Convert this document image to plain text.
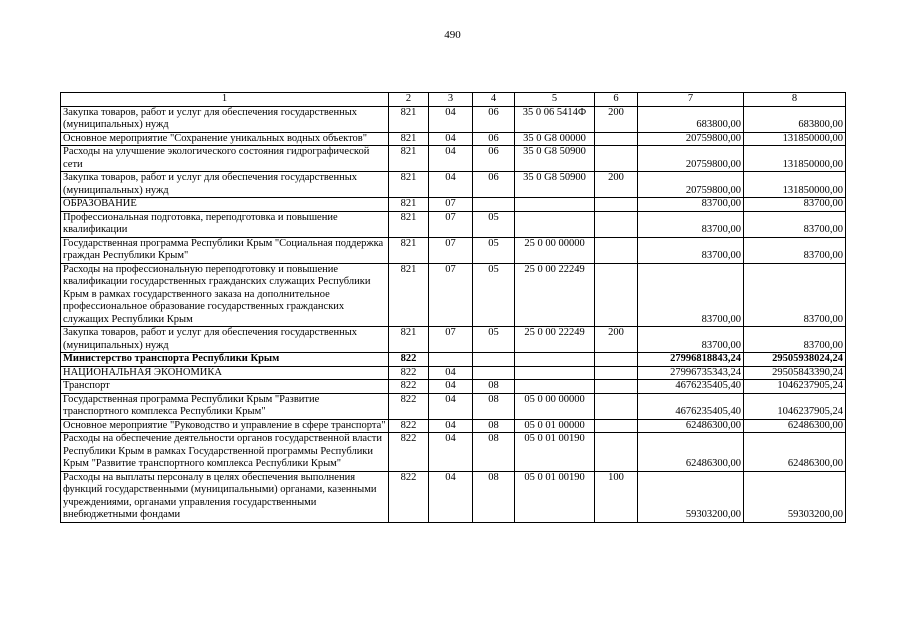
490
1	2	3	4	5	6	7	8
Закупка товаров, работ и услуг для обеспечения государственных (муниципальных) нужд	821	04	06	35 0 06 5414Ф	200	683800,00	683800,00
Основное мероприятие "Сохранение уникальных водных объектов"	821	04	06	35 0 G8 00000		20759800,00	131850000,00
Расходы на улучшение экологического состояния гидрографической сети	821	04	06	35 0 G8 50900		20759800,00	131850000,00
Закупка товаров, работ и услуг для обеспечения государственных (муниципальных) нужд	821	04	06	35 0 G8 50900	200	20759800,00	131850000,00
ОБРАЗОВАНИЕ	821	07				83700,00	83700,00
Профессиональная подготовка, переподготовка и повышение квалификации	821	07	05			83700,00	83700,00
Государственная программа Республики Крым "Социальная поддержка граждан Республики Крым"	821	07	05	25 0 00 00000		83700,00	83700,00
Расходы на профессиональную переподготовку и повышение квалификации государственных гражданских служащих Республики Крым в рамках государственного заказа на дополнительное профессиональное образование государственных гражданских служащих Республики Крым	821	07	05	25 0 00 22249		83700,00	83700,00
Закупка товаров, работ и услуг для обеспечения государственных (муниципальных) нужд	821	07	05	25 0 00 22249	200	83700,00	83700,00
Министерство транспорта Республики Крым	822					27996818843,24	29505938024,24
НАЦИОНАЛЬНАЯ ЭКОНОМИКА	822	04				27996735343,24	29505843390,24
Транспорт	822	04	08			4676235405,40	1046237905,24
Государственная программа Республики Крым "Развитие транспортного комплекса Республики Крым"	822	04	08	05 0 00 00000		4676235405,40	1046237905,24
Основное мероприятие "Руководство и управление в сфере транспорта"	822	04	08	05 0 01 00000		62486300,00	62486300,00
Расходы на обеспечение деятельности органов государственной власти Республики Крым в рамках Государственной программы Республики Крым "Развитие транспортного комплекса Республики Крым"	822	04	08	05 0 01 00190		62486300,00	62486300,00
Расходы на выплаты персоналу в целях обеспечения выполнения функций государственными (муниципальными) органами, казенными учреждениями, органами управления государственными внебюджетными фондами	822	04	08	05 0 01 00190	100	59303200,00	59303200,00
